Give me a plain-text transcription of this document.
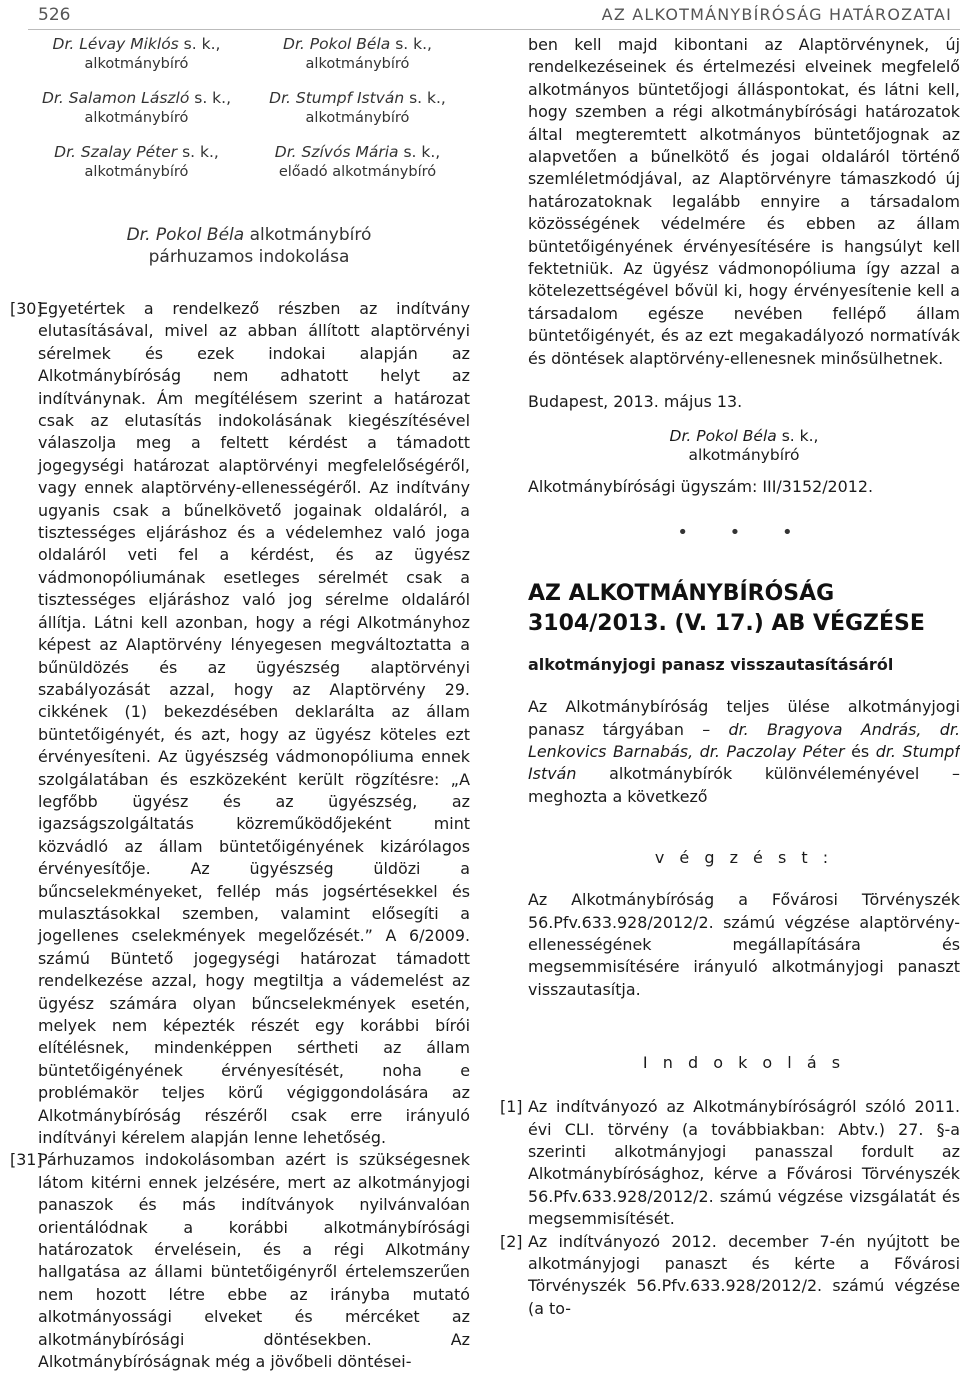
526	AZ ALKOTMÁNYBÍRÓSÁG HATÁROZATAI
Dr. Lévay Miklós s. k.,
alkotmánybíró
Dr. Pokol Béla s. k.,
alkotmánybíró
Dr. Salamon László s. k.,
alkotmánybíró
Dr. Stumpf István s. k.,
alkotmánybíró
Dr. Szalay Péter s. k.,
alkotmánybíró
Dr. Szívós Mária s. k.,
előadó alkotmánybíró
Dr. Pokol Béla alkotmánybíró
párhuzamos indokolása

[30]
Egyetértek a rendelkező részben az indítvány elutasításával, mivel az abban állított alaptörvényi sérelmek és ezek indokai alapján az Alkotmánybíróság nem adhatott helyt az indítványnak. Ám megítélésem szerint a határozat csak az elutasítás indokolásának kiegészítésével válaszolja meg a feltett kérdést a támadott jogegységi határozat alaptörvényi megfelelőségéről, vagy ennek alaptörvény-ellenességéről. Az indítvány ugyanis csak a bűnelkövető jogainak oldaláról, a tisztességes eljáráshoz és a védelemhez való joga oldaláról veti fel a kérdést, és az ügyész vádmonopóliumának esetleges sérelmét csak a tisztességes eljáráshoz való jog sérelme oldaláról állítja. Látni kell azonban, hogy a régi Alkotmányhoz képest az Alaptörvény lényegesen megváltoztatta a bűnüldözés és az ügyészség alaptörvényi szabályozását azzal, hogy az Alaptörvény 29. cikkének (1) bekezdésében deklarálta az állam büntetőigényét, és azt, hogy az ügyész köteles ezt érvényesíteni. Az ügyészség vádmonopóliuma ennek szolgálatában és eszközeként került rögzítésre: „A legfőbb ügyész és az ügyészség, az igazságszolgáltatás közreműködőjeként mint közvádló az állam büntetőigényének kizárólagos érvényesítője. Az ügyészség üldözi a bűncselekményeket, fellép más jogsértésekkel és mulasztásokkal szemben, valamint elősegíti a jogellenes cselekmények megelőzését.” A 6/2009. számú Büntető jogegységi határozat támadott rendelkezése azzal, hogy megtiltja a vádemelést az ügyész számára olyan bűncselekmények esetén, melyek nem képezték részét egy korábbi bírói elítélésnek, mindenképpen sértheti az állam büntetőigényének érvényesítését, noha e problémakör teljes körű végiggondolására az Alkotmánybíróság részéről csak erre irányuló indítványi kérelem alapján lenne lehetőség.

[31]
Párhuzamos indokolásomban azért is szükségesnek látom kitérni ennek jelzésére, mert az alkotmányjogi panaszok és más indítványok nyilvánvalóan orientálódnak a korábbi alkotmánybírósági határozatok érvelésein, és a régi Alkotmány hallgatása az állami büntetőigényről értelemszerűen nem hozott létre ebbe az irányba mutató alkotmányossági elveket és mércéket az alkotmánybírósági döntésekben. Az Alkotmánybíróságnak még a jövőbeli döntései-

ben kell majd kibontani az Alaptörvénynek, új rendelkezéseinek és értelmezési elveinek megfelelő alkotmányos büntetőjogi álláspontokat, és látni kell, hogy szemben a régi alkotmánybírósági határozatok által megteremtett alkotmányos büntetőjognak az alapvetően a bűnelkötő és jogai oldaláról történő szemléletmódjával, az Alaptörvényre támaszkodó új határozatoknak legalább ennyire a társadalom közösségének védelmére és ebben az állam büntetőigényének érvényesítésére is hangsúlyt kell fektetniük. Az ügyész vádmonopóliuma így azzal a kötelezettségével bővül ki, hogy érvényesítenie kell a társadalom egésze nevében fellépő állam büntetőigényét, és az ezt megakadályozó normatívák és döntések alaptörvény-ellenesnek minősülhetnek.

Budapest, 2013. május 13.
Dr. Pokol Béla s. k.,
alkotmánybíró
Alkotmánybírósági ügyszám: III/3152/2012.
• • •
AZ ALKOTMÁNYBÍRÓSÁG 3104/2013. (V. 17.) AB VÉGZÉSE
alkotmányjogi panasz visszautasításáról

Az Alkotmánybíróság teljes ülése alkotmányjogi panasz tárgyában – dr. Bragyova András, dr. Lenkovics Barnabás, dr. Paczolay Péter és dr. Stumpf István alkotmánybírók különvéleményével – meghozta a következő

v é g z é s t :

Az Alkotmánybíróság a Fővárosi Törvényszék 56.Pfv.633.928/2012/2. számú végzése alaptörvény-ellenességének megállapítására és megsemmisítésére irányuló alkotmányjogi panaszt visszautasítja.

I n d o k o l á s

[1] Az indítványozó az Alkotmánybíróságról szóló 2011. évi CLI. törvény (a továbbiakban: Abtv.) 27. §-a szerinti alkotmányjogi panasszal fordult az Alkotmánybírósághoz, kérve a Fővárosi Törvényszék 56.Pfv.633.928/2012/2. számú végzése vizsgálatát és megsemmisítését.

[2] Az indítványozó 2012. december 7-én nyújtott be alkotmányjogi panaszt és kérte a Fővárosi Törvényszék 56.Pfv.633.928/2012/2. számú végzése (a to-
